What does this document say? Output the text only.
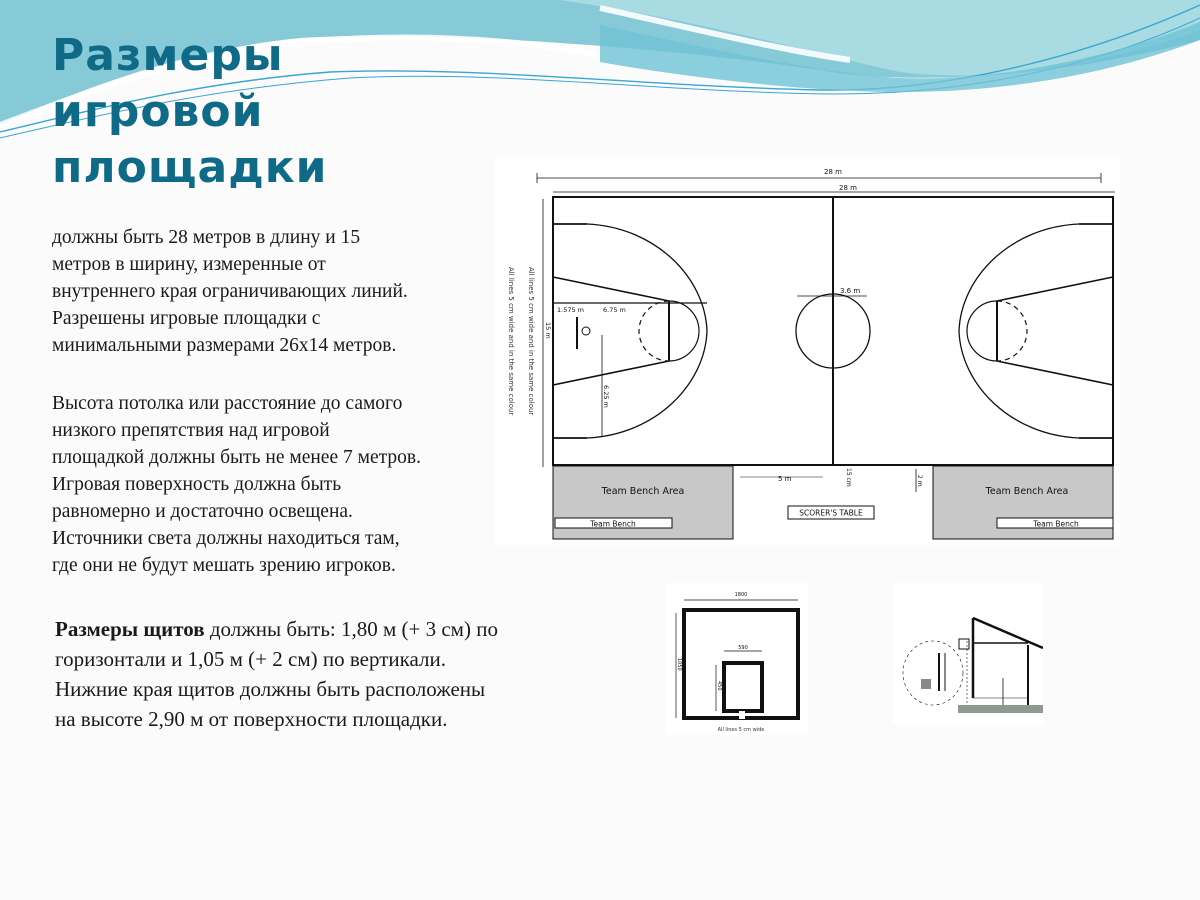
Размеры
игровой
площадки

должны быть 28 метров в длину и 15
метров в ширину, измеренные от
внутреннего края ограничивающих линий.
Разрешены игровые площадки с
минимальными размерами 26х14 метров.

Высота потолка или расстояние до самого
низкого препятствия над игровой
площадкой должны быть не менее 7 метров.
Игровая поверхность должна быть
равномерно и достаточно освещена.
Источники света должны находиться там,
где они не будут мешать зрению игроков.

Размеры щитов должны быть: 1,80 м (+ 3 см) по
горизонтали и 1,05 м (+ 2 см) по вертикали.
Нижние края щитов должны быть расположены
на высоте 2,90 м от поверхности площадки.

28 m
28 m
3.6 m
1.575 m	6.75 m
6.25 m
15 m
All lines 5 cm wide and in the same colour
All lines 5 cm wide and in the same colour
5 m	2 m
15 cm
Team Bench Area	Team Bench Area
Team Bench	Team Bench
SCORER'S TABLE
1800
590
1050
450
All lines 5 cm wide
